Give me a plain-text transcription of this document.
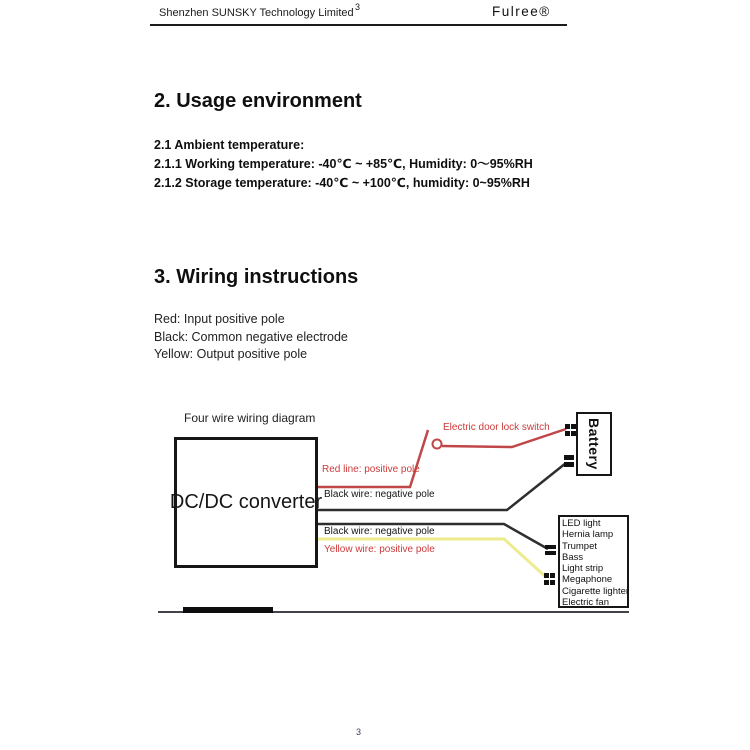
Shenzhen SUNSKY Technology Limited 3	Fulree®
2. Usage environment
2.1 Ambient temperature:
2.1.1 Working temperature: -40℃ ~ +85℃, Humidity: 0～95%RH
2.1.2 Storage temperature: -40℃ ~ +100℃, humidity: 0~95%RH
3. Wiring instructions
Red: Input positive pole
Black: Common negative electrode
Yellow: Output positive pole
Four wire wiring diagram
DC/DC converter
Battery
LED light
Hernia lamp
Trumpet
Bass
Light strip
Megaphone
Cigarette lighter
Electric fan
Electric door lock switch
Red line: positive pole
Black wire: negative pole
Black wire: negative pole
Yellow wire: positive pole
3
